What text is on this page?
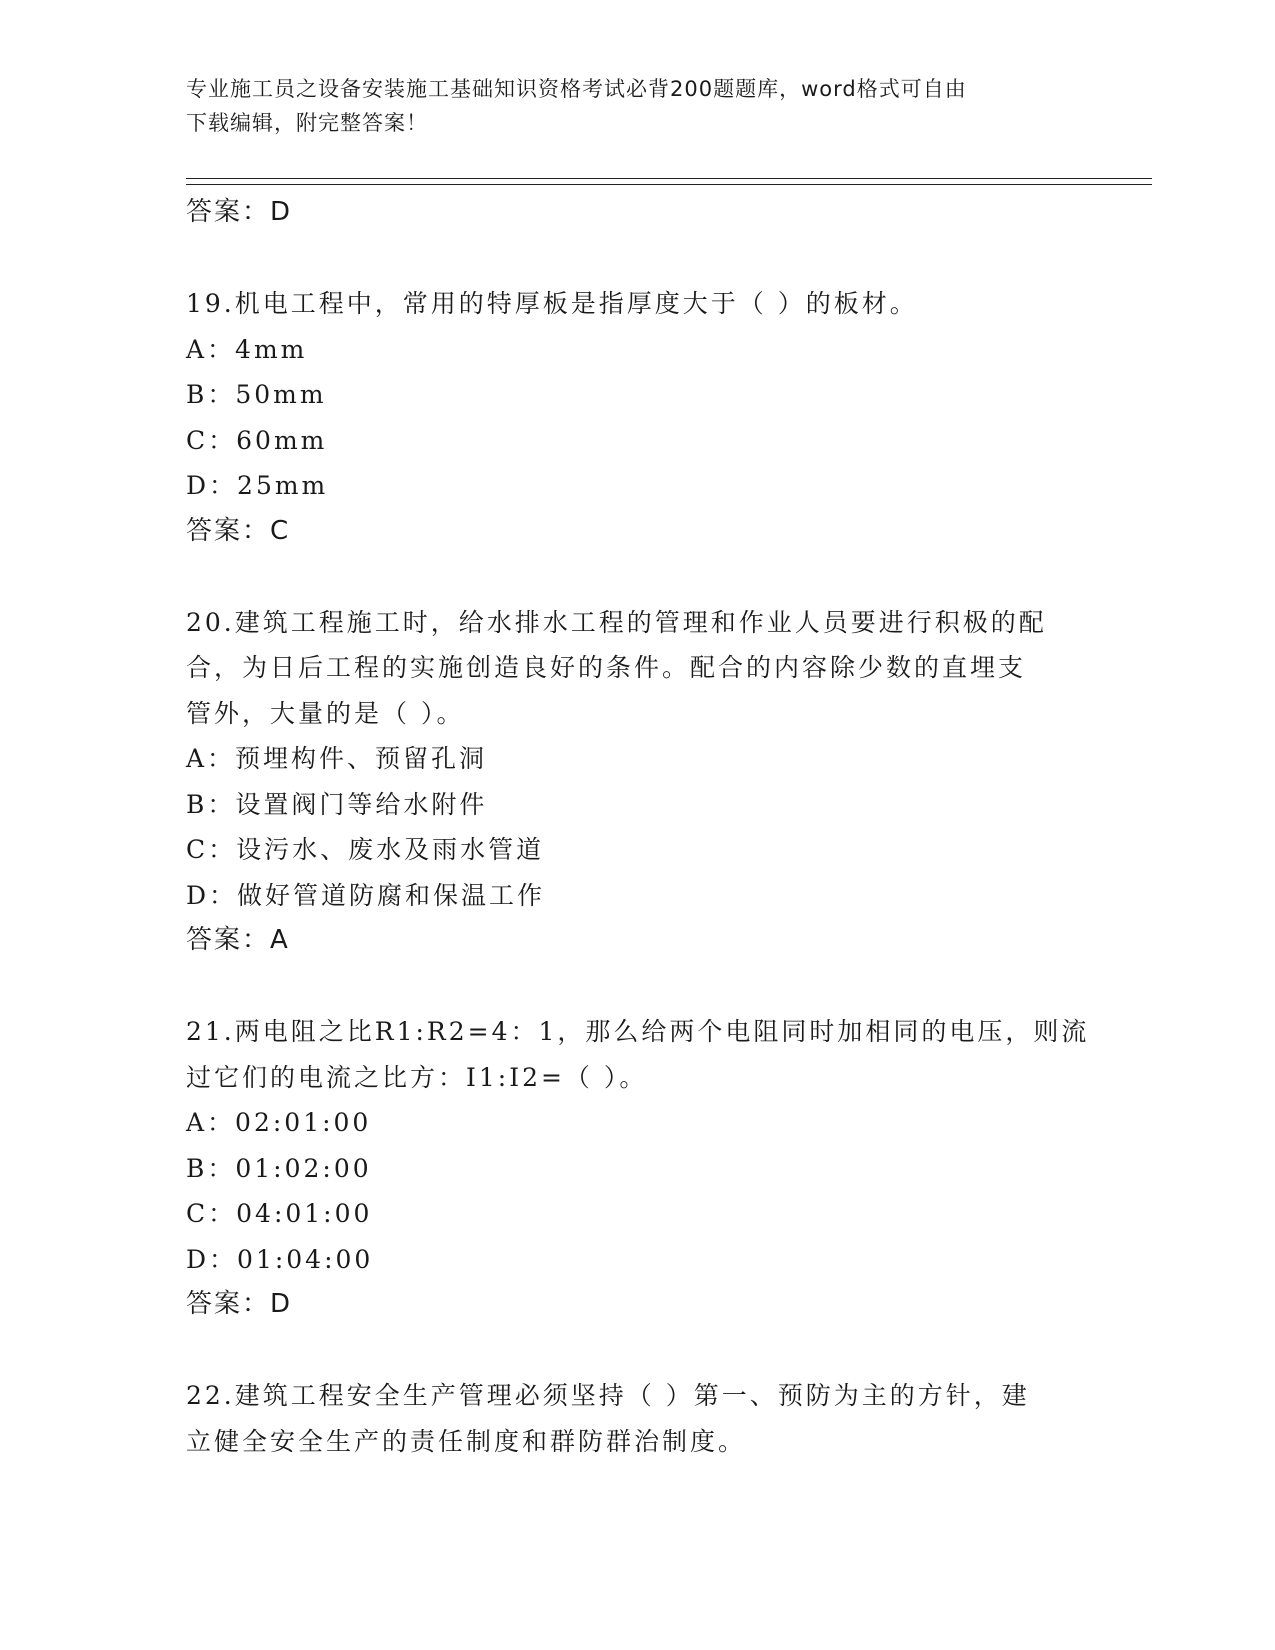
专业施工员之设备安装施工基础知识资格考试必背200题题库，word格式可自由
下载编辑，附完整答案！
答案：D
19.机电工程中，常用的特厚板是指厚度大于（ ）的板材。
A：4mm
B：50mm
C：60mm
D：25mm
答案：C
20.建筑工程施工时，给水排水工程的管理和作业人员要进行积极的配
合，为日后工程的实施创造良好的条件。配合的内容除少数的直埋支
管外，大量的是（ ）。
A：预埋构件、预留孔洞
B：设置阀门等给水附件
C：设污水、废水及雨水管道
D：做好管道防腐和保温工作
答案：A
21.两电阻之比R1:R2=4：1，那么给两个电阻同时加相同的电压，则流
过它们的电流之比方：I1:I2=（ ）。
A：02:01:00
B：01:02:00
C：04:01:00
D：01:04:00
答案：D
22.建筑工程安全生产管理必须坚持（ ）第一、预防为主的方针，建
立健全安全生产的责任制度和群防群治制度。
